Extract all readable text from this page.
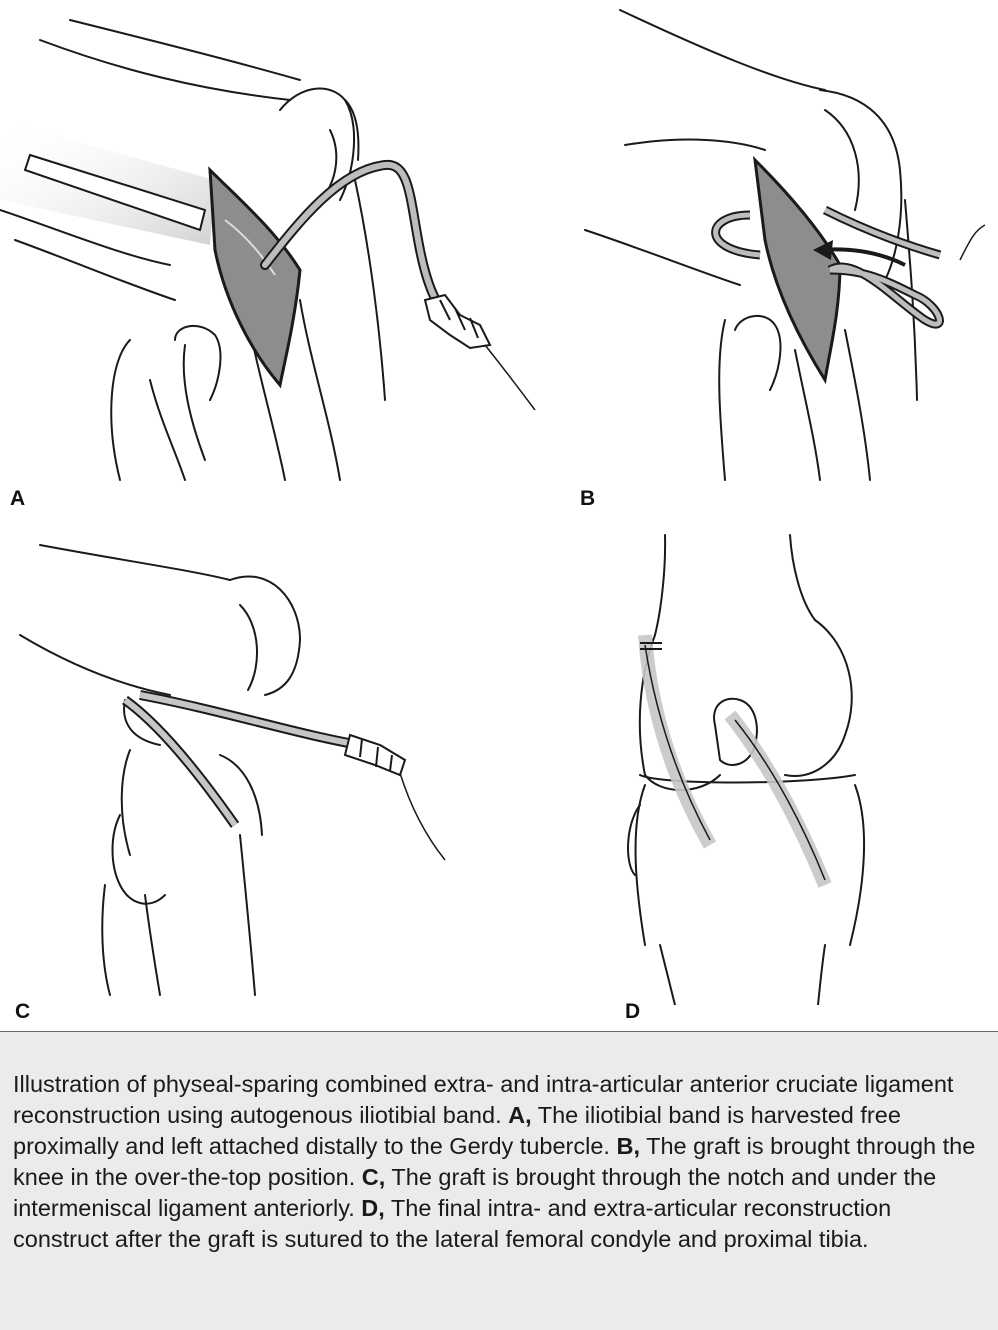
A	B
C	D

Illustration of physeal-sparing combined extra- and intra-articular anterior cruciate ligament reconstruction using autogenous iliotibial band. A, The iliotibial band is harvested free proximally and left attached distally to the Gerdy tubercle. B, The graft is brought through the knee in the over-the-top position. C, The graft is brought through the notch and under the intermeniscal ligament anteriorly. D, The final intra- and extra-articular reconstruction construct after the graft is sutured to the lateral femoral condyle and proximal tibia.
